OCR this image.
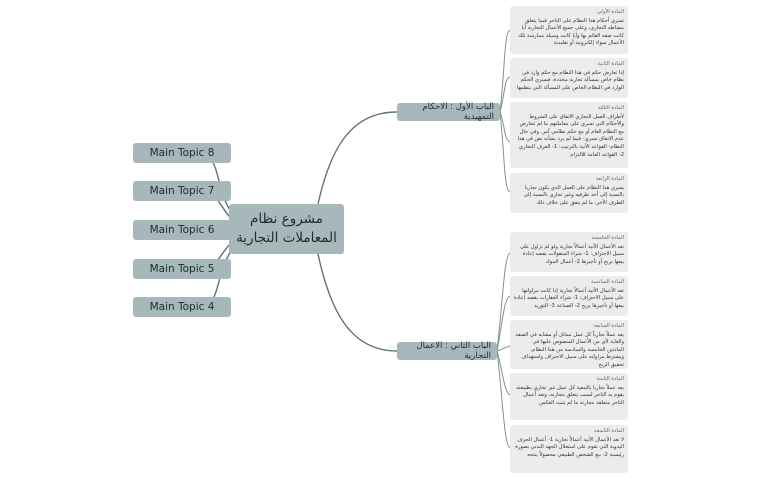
مشروع نظام المعاملات التجارية
Main Topic 8
Main Topic 7
Main Topic 6
Main Topic 5
Main Topic 4
الباب الأول : الاحكام التمهيدية
الباب الثاني : الاعمال التجارية
المادة الأولى
تسري أحكام هذا النظام على التاجر فيما يتعلق بنشاطه التجاري، وعلى جميع الأعمال التجارية أيا كانت صفة القائم بها وأيا كانت وسيلة ممارسة تلك الأعمال سواء إلكترونية أو تقليدية
المادة الثانية
إذا تعارض حكم في هذا النظام مع حكم وارد في نظام خاص بمسألة تجارية محددة، فيسري الحكم الوارد في النظام الخاص على المسألة التي ينظمها
المادة الثالثة
لأطراف العمل التجاري الاتفاق على الشروط والأحكام التي تسري على معاملتهم ما لم تتعارض مع النظام العام أو مع حكم نظامي آمر، وفي حال عدم الاتفاق تسري- فيما لم يرد بشأنه نص في هذا النظام- القواعد الآتية بالترتيب: 1- العرف التجاري 2- القواعد العامة للالتزام
المادة الرابعة
يسري هذا النظام على العمل الذي يكون تجاريا بالنسبة إلى أحد طرفيه وغير تجاري بالنسبة إلى الطرف الآخر، ما لم يتفق على خلاف ذلك
المادة الخامسة
تعد الأعمال الآتية أعمالاً تجارية ولو لم تزاول على سبيل الاحتراف: 1- شراء المنقولات بقصد إعادة بيعها بربح أو تأجيرها 2- أعمال البنوك
المادة السادسة
تعد الأعمال الآتية أعمالاً تجارية إذا كانت مزاولتها على سبيل الاحتراف: 1- شراء العقارات بقصد إعادة بيعها أو تأجيرها بربح 2- الصناعة 3- التوريد
المادة السابعة
يعد عملاً تجارياً كل عمل مماثل أو مشابه في الصفة والغاية لأي من الأعمال المنصوص عليها في المادتين الخامسة والسادسة من هذا النظام، ويشترط مزاولته على سبيل الاحتراف واستهداف تحقيق الربح
المادة الثامنة
يعد عملاً تجاريا بالتبعية كل عمل غير تجاري بطبيعته يقوم به التاجر لسبب يتعلق بتجارته، وتعد أعمال التاجر متعلقة بتجارته ما لم يثبت العكس
المادة التاسعة
لا تعد الأعمال الآتية أعمالاً تجارية 1- أعمال الحرف اليدوية التي تقوم على استغلال الجهد البدني بصورة رئيسية 2- بيع الشخص الطبيعي محصولاً ينتجه
